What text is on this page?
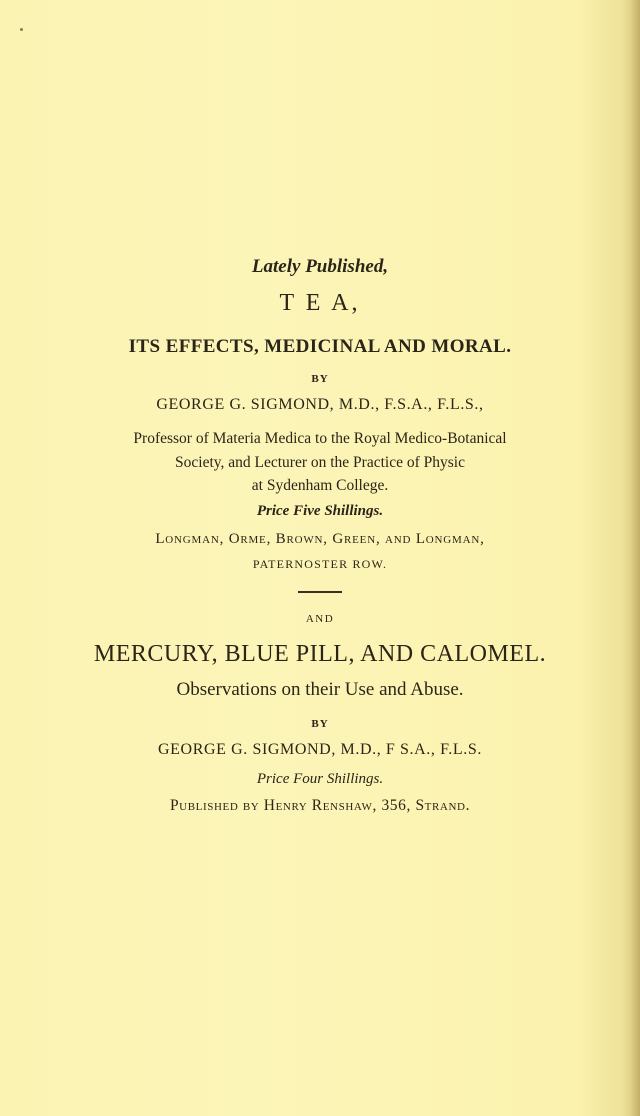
Lately Published,
T E A,
ITS EFFECTS, MEDICINAL AND MORAL.
BY
GEORGE G. SIGMOND, M.D., F.S.A., F.L.S.,
Professor of Materia Medica to the Royal Medico-Botanical
Society, and Lecturer on the Practice of Physic
at Sydenham College.
Price Five Shillings.
Longman, Orme, Brown, Green, and Longman,
PATERNOSTER ROW.
AND
MERCURY, BLUE PILL, AND CALOMEL.
Observations on their Use and Abuse.
BY
GEORGE G. SIGMOND, M.D., F S.A., F.L.S.
Price Four Shillings.
Published by Henry Renshaw, 356, Strand.
